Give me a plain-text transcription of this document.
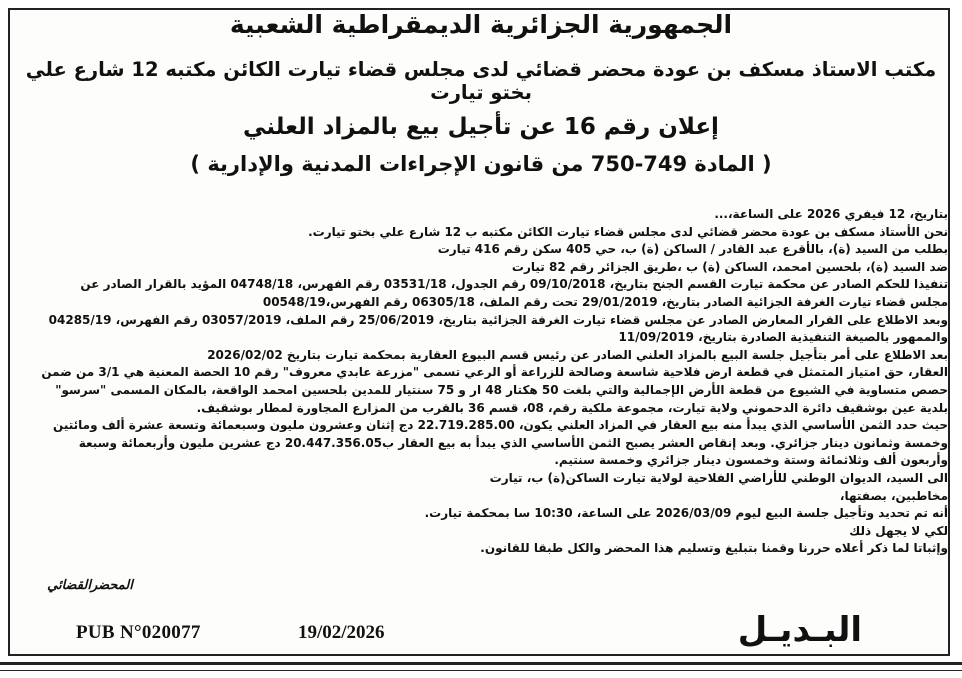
الجمهورية الجزائرية الديمقراطية الشعبية
مكتب الاستاذ مسكف بن عودة محضر قضائي لدى مجلس قضاء تيارت الكائن مكتبه 12 شارع علي بختو تيارت
إعلان رقم 16 عن تأجيل بيع بالمزاد العلني
( المادة 749-750 من قانون الإجراءات المدنية والإدارية )

بتاريخ، 12 فيفري 2026 على الساعة،...

نحن الأستاذ مسكف بن عودة محضر قضائي لدى مجلس قضاء تيارت الكائن مكتبه ب 12 شارع علي بختو تيارت.

بطلب من السيد (ة)، بالأقرع عبد القادر / الساكن (ة) ب، حي 405 سكن رقم 416 تيارت

ضد السيد (ة)، بلحسين امحمد، الساكن (ة) ب ،طريق الجزائر رقم 82 تيارت

تنفيذا للحكم الصادر عن محكمة تيارت القسم الجنح بتاريخ، 09/10/2018 رقم الجدول، 03531/18 رقم الفهرس، 04748/18 المؤيد بالقرار الصادر عن

مجلس قضاء تيارت الغرفة الجزائية الصادر بتاريخ، 29/01/2019 تحت رقم الملف، 06305/18 رقم الفهرس،00548/19

وبعد الاطلاع على القرار المعارض الصادر عن مجلس قضاء تيارت الغرفة الجزائية بتاريخ، 25/06/2019 رقم الملف، 03057/2019 رقم الفهرس، 04285/19

والممهور بالصيغة التنفيذية الصادرة بتاريخ، 11/09/2019

بعد الاطلاع على أمر بتأجيل جلسة البيع بالمزاد العلني الصادر عن رئيس قسم البيوع العقارية بمحكمة تيارت بتاريخ 2026/02/02

العقار، حق امتياز المتمثل في قطعة ارض فلاحية شاسعة وصالحة للزراعة أو الرعي تسمى "مزرعة عابدي معروف" رقم 10 الحصة المعنية هي 3/1 من ضمن

حصص متساوية في الشيوع من قطعة الأرض الإجمالية والتي بلغت 50 هكتار 48 ار و 75 سنتيار للمدين بلحسين امحمد الواقعة، بالمكان المسمى "سرسو"

بلدية عين بوشقيف دائرة الدحموني ولاية تيارت، مجموعة ملكية رقم، 08، قسم 36 بالقرب من المزارع المجاورة لمطار بوشقيف.

حيث حدد الثمن الأساسي الذي يبدأ منه بيع العقار في المزاد العلني يكون، 22.719.285.00 دج إثنان وعشرون مليون وسبعمائة وتسعة عشرة ألف ومائتين

وخمسة وثمانون دينار جزائري. وبعد إنقاص العشر يصبح الثمن الأساسي الذي يبدأ به بيع العقار ب20.447.356.05 دج عشرين مليون وأربعمائة وسبعة

وأربعون ألف وثلاثمائة وستة وخمسون دينار جزائري وخمسة سنتيم.

الى السيد، الديوان الوطني للأراضي الفلاحية لولاية تيارت الساكن(ة) ب، تيارت

مخاطبين، بصفتها،

أنه تم تحديد وتأجيل جلسة البيع ليوم 2026/03/09 على الساعة، 10:30 سا بمحكمة تيارت.

لكي لا يجهل ذلك

وإثباتا لما ذكر أعلاه حررنا وقمنا بتبليغ وتسليم هذا المحضر والكل طبقا للقانون.

المحضرالقضائي
PUB N°020077	19/02/2026	البـديـل
